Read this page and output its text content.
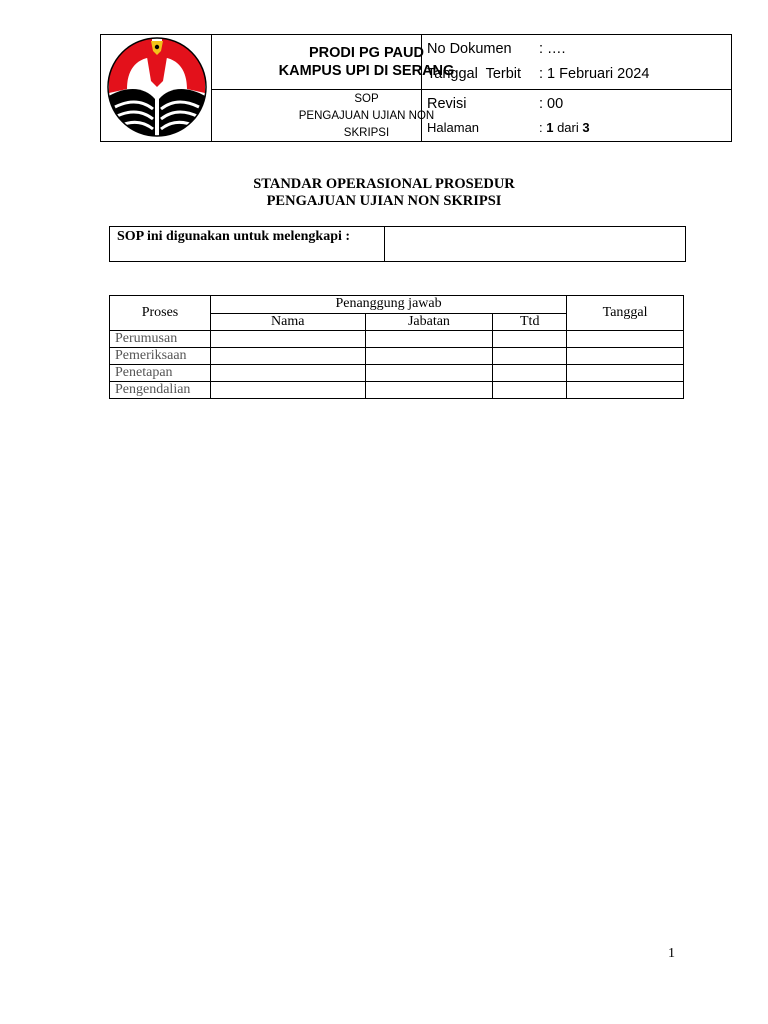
PRODI PG PAUD
KAMPUS UPI DI SERANG
SOP
PENGAJUAN UJIAN NON
SKRIPSI
No Dokumen : ….
Tanggal  Terbit : 1 Februari 2024
Revisi	: 00
Halaman	: 1 dari 3
STANDAR OPERASIONAL PROSEDUR
PENGAJUAN UJIAN NON SKRIPSI
SOP ini digunakan untuk melengkapi :
Proses	Penanggung jawab			Tanggal
	Nama	Jabatan	Ttd	
Perumusan				
Pemeriksaan				
Penetapan				
Pengendalian				
1
